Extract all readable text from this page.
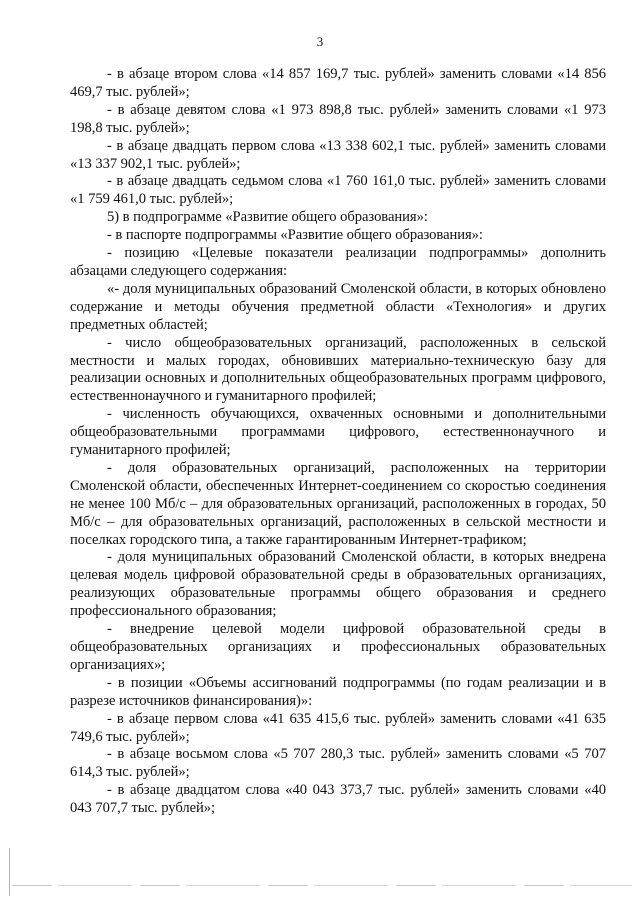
3

- в абзаце втором слова «14 857 169,7 тыс. рублей» заменить словами «14 856 469,7 тыс. рублей»;

- в абзаце девятом слова «1 973 898,8 тыс. рублей» заменить словами «1 973 198,8 тыс. рублей»;

- в абзаце двадцать первом слова «13 338 602,1 тыс. рублей» заменить словами «13 337 902,1 тыс. рублей»;

- в абзаце двадцать седьмом слова «1 760 161,0 тыс. рублей» заменить словами «1 759 461,0 тыс. рублей»;

5) в подпрограмме «Развитие общего образования»:

- в паспорте подпрограммы «Развитие общего образования»:

- позицию «Целевые показатели реализации подпрограммы» дополнить абзацами следующего содержания:

«- доля муниципальных образований Смоленской области, в которых обновлено содержание и методы обучения предметной области «Технология» и других предметных областей;

- число общеобразовательных организаций, расположенных в сельской местности и малых городах, обновивших материально-техническую базу для реализации основных и дополнительных общеобразовательных программ цифрового, естественнонаучного и гуманитарного профилей;

- численность обучающихся, охваченных основными и дополнительными общеобразовательными программами цифрового, естественнонаучного и гуманитарного профилей;

- доля образовательных организаций, расположенных на территории Смоленской области, обеспеченных Интернет-соединением со скоростью соединения не менее 100 Мб/с – для образовательных организаций, расположенных в городах, 50 Мб/с – для образовательных организаций, расположенных в сельской местности и поселках городского типа, а также гарантированным Интернет-трафиком;

- доля муниципальных образований Смоленской области, в которых внедрена целевая модель цифровой образовательной среды в образовательных организациях, реализующих образовательные программы общего образования и среднего профессионального образования;

- внедрение целевой модели цифровой образовательной среды в общеобразовательных организациях и профессиональных образовательных организациях»;

- в позиции «Объемы ассигнований подпрограммы (по годам реализации и в разрезе источников финансирования)»:

- в абзаце первом слова «41 635 415,6 тыс. рублей» заменить словами «41 635 749,6 тыс. рублей»;

- в абзаце восьмом слова «5 707 280,3 тыс. рублей» заменить словами «5 707 614,3 тыс. рублей»;

- в абзаце двадцатом слова «40 043 373,7 тыс. рублей» заменить словами «40 043 707,7 тыс. рублей»;
